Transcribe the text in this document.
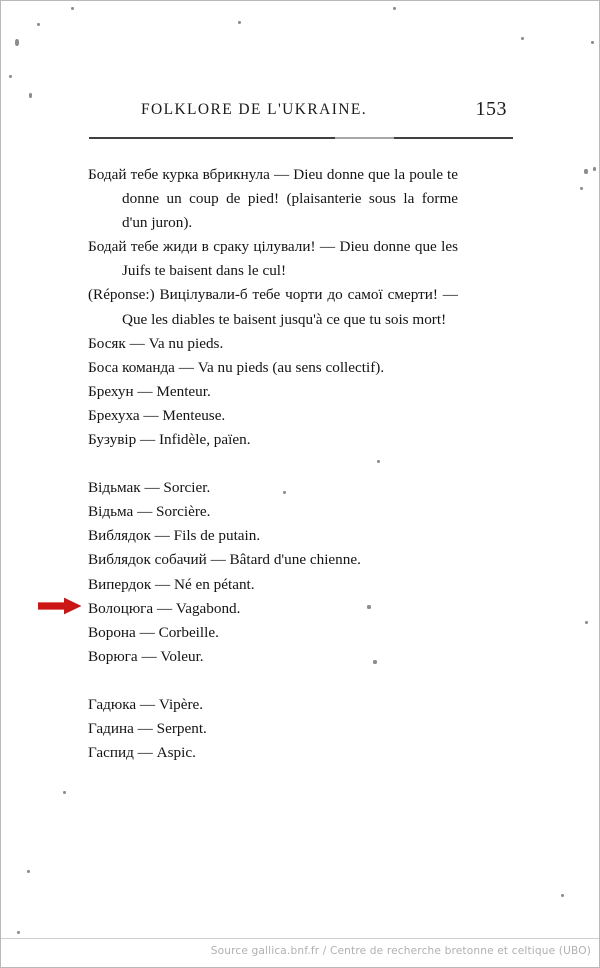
FOLKLORE DE L'UKRAINE.	153
Бодай тебе курка вбрикнула — Dieu donne que la poule te donne un coup de pied! (plaisanterie sous la forme d'un juron).
Бодай тебе жиди в сраку цілували! — Dieu donne que les Juifs te baisent dans le cul!
(Réponse:) Вицілували-б тебе чорти до самої смерти! — Que les diables te baisent jusqu'à ce que tu sois mort!
Босяк — Va nu pieds.
Боса команда — Va nu pieds (au sens collectif).
Брехун — Menteur.
Брехуха — Menteuse.
Бузувір — Infidèle, païen.
Відьмак — Sorcier.
Відьма — Sorcière.
Виблядок — Fils de putain.
Виблядок собачий — Bâtard d'une chienne.
Випердок — Né en pétant.
Волоцюга — Vagabond.
Ворона — Corbeille.
Ворюга — Voleur.
Гадюка — Vipère.
Гадина — Serpent.
Гаспид — Aspic.
Source gallica.bnf.fr / Centre de recherche bretonne et celtique (UBO)
